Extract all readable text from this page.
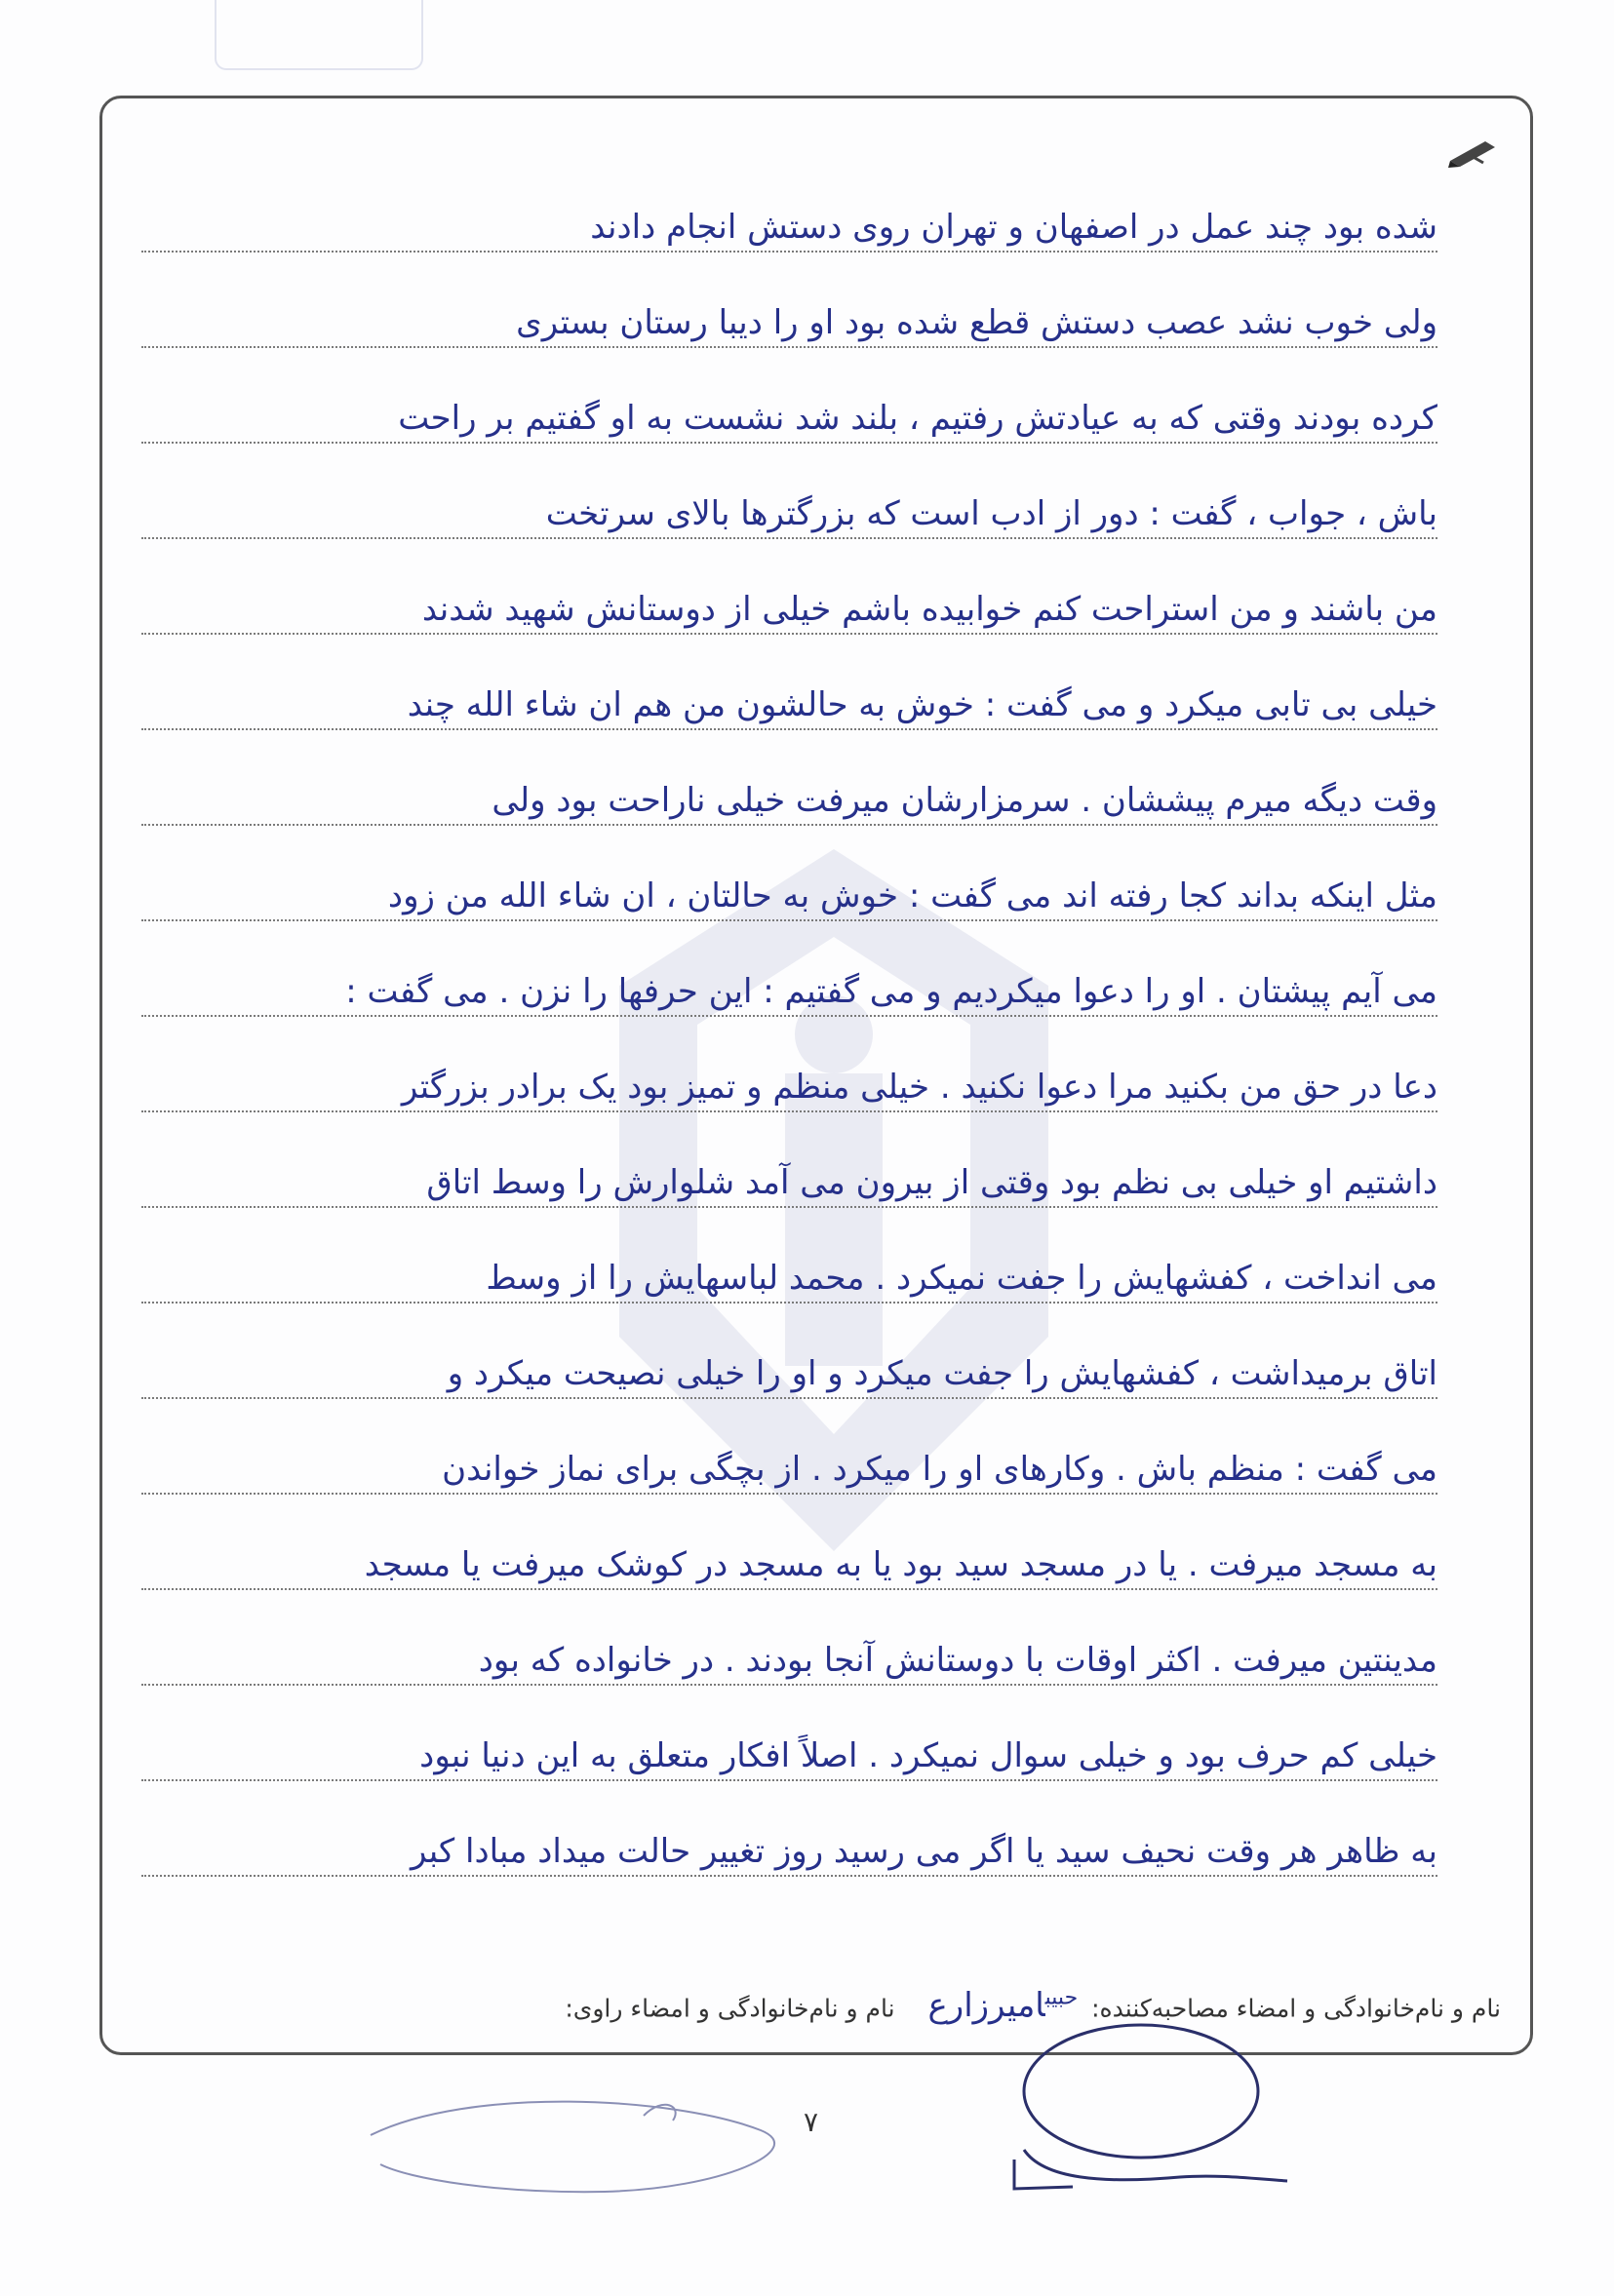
شده بود چند عمل در اصفهان و تهران روی دستش انجام دادند
ولی خوب نشد عصب دستش قطع شده بود او را دیبا رستان بستری
کرده بودند وقتی که به عیادتش رفتیم ، بلند شد نشست به او گفتیم بر راحت
باش ، جواب ، گفت : دور از ادب است که بزرگترها بالای سرتخت
من باشند و من استراحت کنم خوابیده باشم خیلی از دوستانش شهید شدند
خیلی بی تابی میکرد و می گفت : خوش به حالشون من هم ان شاء الله چند
وقت دیگه میرم پیششان . سرمزارشان میرفت خیلی ناراحت بود ولی
مثل اینکه بداند کجا رفته اند می گفت : خوش به حالتان ، ان شاء الله من زود
می آیم پیشتان . او را دعوا میکردیم و می گفتیم : این حرفها را نزن . می گفت :
دعا در حق من بکنید مرا دعوا نکنید . خیلی منظم و تمیز بود یک برادر بزرگتر
داشتیم او خیلی بی نظم بود وقتی از بیرون می آمد شلوارش را وسط اتاق
می انداخت ، کفشهایش را جفت نمیکرد . محمد لباسهایش را از وسط
اتاق برمیداشت ، کفشهایش را جفت میکرد و او را خیلی نصیحت میکرد و
می گفت : منظم باش . وکارهای او را میکرد . از بچگی برای نماز خواندن
به مسجد میرفت . یا در مسجد سید بود یا به مسجد در کوشک میرفت یا مسجد
مدینتین میرفت . اکثر اوقات با دوستانش آنجا بودند . در خانواده که بود
خیلی کم حرف بود و خیلی سوال نمیکرد . اصلاً افکار متعلق به این دنیا نبود
به ظاهر هر وقت نحیف سید یا اگر می رسید روز تغییر حالت میداد مبادا کبر
نام و نام‌خانوادگی و امضاء مصاحبه‌کننده: $^{حبیب}$امیرزارع  نام و نام‌خانوادگی و امضاء راوی:
۷
